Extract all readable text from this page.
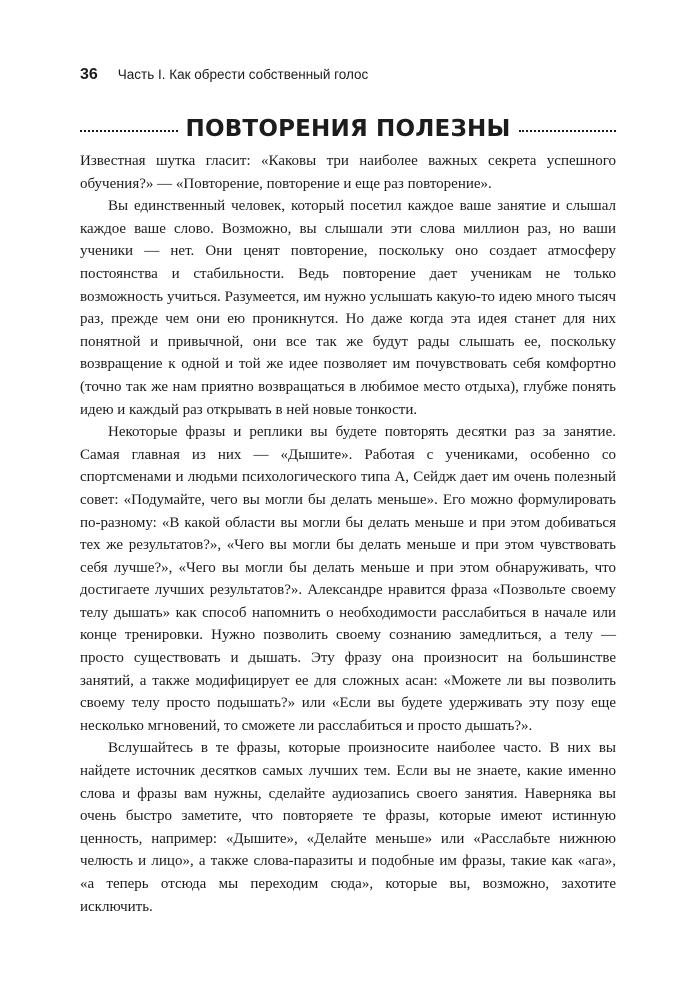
36 Часть I. Как обрести собственный голос
ПОВТОРЕНИЯ ПОЛЕЗНЫ

Известная шутка гласит: «Каковы три наиболее важных секрета успешного обучения?» — «Повторение, повторение и еще раз повторение».

Вы единственный человек, который посетил каждое ваше занятие и слышал каждое ваше слово. Возможно, вы слышали эти слова миллион раз, но ваши ученики — нет. Они ценят повторение, поскольку оно создает атмосферу постоянства и стабильности. Ведь повторение дает ученикам не только возможность учиться. Разумеется, им нужно услышать какую-то идею много тысяч раз, прежде чем они ею проникнутся. Но даже когда эта идея станет для них понятной и привычной, они все так же будут рады слышать ее, поскольку возвращение к одной и той же идее позволяет им почувствовать себя комфортно (точно так же нам приятно возвращаться в любимое место отдыха), глубже понять идею и каждый раз открывать в ней новые тонкости.

Некоторые фразы и реплики вы будете повторять десятки раз за занятие. Самая главная из них — «Дышите». Работая с учениками, особенно со спортсменами и людьми психологического типа А, Сейдж дает им очень полезный совет: «Подумайте, чего вы могли бы делать меньше». Его можно формулировать по-разному: «В какой области вы могли бы делать меньше и при этом добиваться тех же результатов?», «Чего вы могли бы делать меньше и при этом чувствовать себя лучше?», «Чего вы могли бы делать меньше и при этом обнаруживать, что достигаете лучших результатов?». Александре нравится фраза «Позвольте своему телу дышать» как способ напомнить о необходимости расслабиться в начале или конце тренировки. Нужно позволить своему сознанию замедлиться, а телу — просто существовать и дышать. Эту фразу она произносит на большинстве занятий, а также модифицирует ее для сложных асан: «Можете ли вы позволить своему телу просто подышать?» или «Если вы будете удерживать эту позу еще несколько мгновений, то сможете ли расслабиться и просто дышать?».

Вслушайтесь в те фразы, которые произносите наиболее часто. В них вы найдете источник десятков самых лучших тем. Если вы не знаете, какие именно слова и фразы вам нужны, сделайте аудиозапись своего занятия. Наверняка вы очень быстро заметите, что повторяете те фразы, которые имеют истинную ценность, например: «Дышите», «Делайте меньше» или «Расслабьте нижнюю челюсть и лицо», а также слова-паразиты и подобные им фразы, такие как «ага», «а теперь отсюда мы переходим сюда», которые вы, возможно, захотите исключить.
